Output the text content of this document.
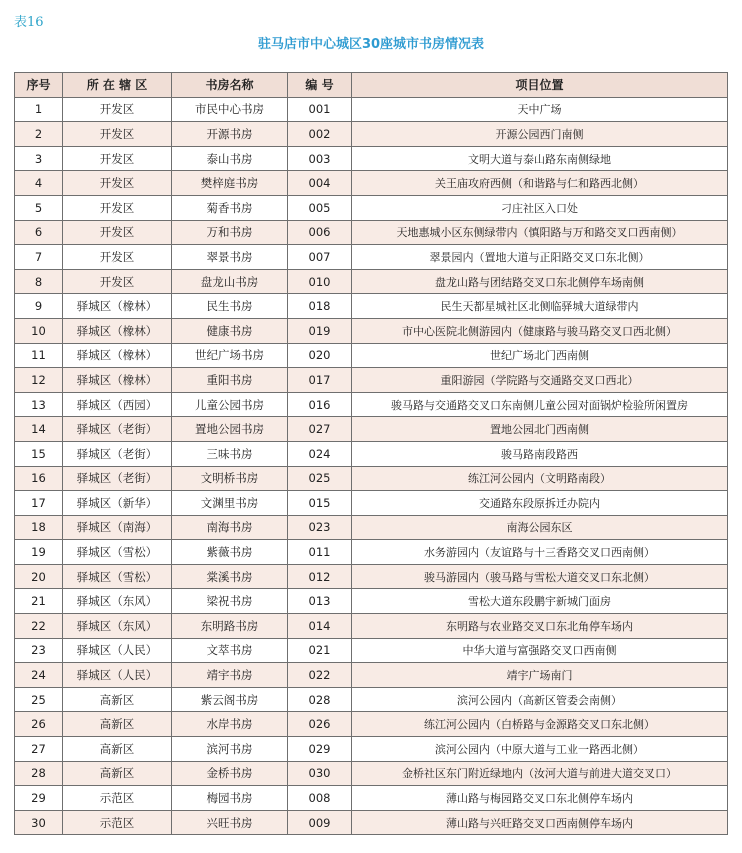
表16
驻马店市中心城区30座城市书房情况表
序号	所 在 辖 区	书房名称	编 号	项目位置
1	开发区	市民中心书房	001	天中广场
2	开发区	开源书房	002	开源公园西门南侧
3	开发区	泰山书房	003	文明大道与泰山路东南侧绿地
4	开发区	樊梓庭书房	004	关王庙攻府西侧（和谐路与仁和路西北侧）
5	开发区	菊香书房	005	刁庄社区入口处
6	开发区	万和书房	006	天地惠城小区东侧绿带内（慎阳路与万和路交叉口西南侧）
7	开发区	翠景书房	007	翠景园内（置地大道与正阳路交叉口东北侧）
8	开发区	盘龙山书房	010	盘龙山路与团结路交叉口东北侧停车场南侧
9	驿城区（橡林）	民生书房	018	民生天都星城社区北侧临驿城大道绿带内
10	驿城区（橡林）	健康书房	019	市中心医院北侧游园内（健康路与骏马路交叉口西北侧）
11	驿城区（橡林）	世纪广场书房	020	世纪广场北门西南侧
12	驿城区（橡林）	重阳书房	017	重阳游园（学院路与交通路交叉口西北）
13	驿城区（西园）	儿童公园书房	016	骏马路与交通路交叉口东南侧儿童公园对面锅炉检验所闲置房
14	驿城区（老街）	置地公园书房	027	置地公园北门西南侧
15	驿城区（老街）	三味书房	024	骏马路南段路西
16	驿城区（老街）	文明桥书房	025	练江河公园内（文明路南段）
17	驿城区（新华）	文渊里书房	015	交通路东段原拆迁办院内
18	驿城区（南海）	南海书房	023	南海公园东区
19	驿城区（雪松）	紫薇书房	011	水务游园内（友谊路与十三香路交叉口西南侧）
20	驿城区（雪松）	棠溪书房	012	骏马游园内（骏马路与雪松大道交叉口东北侧）
21	驿城区（东风）	梁祝书房	013	雪松大道东段鹏宇新城门面房
22	驿城区（东风）	东明路书房	014	东明路与农业路交叉口东北角停车场内
23	驿城区（人民）	文萃书房	021	中华大道与富强路交叉口西南侧
24	驿城区（人民）	靖宇书房	022	靖宇广场南门
25	高新区	紫云阁书房	028	滨河公园内（高新区管委会南侧）
26	高新区	水岸书房	026	练江河公园内（白桥路与金源路交叉口东北侧）
27	高新区	滨河书房	029	滨河公园内（中原大道与工业一路西北侧）
28	高新区	金桥书房	030	金桥社区东门附近绿地内（汝河大道与前进大道交叉口）
29	示范区	梅园书房	008	薄山路与梅园路交叉口东北侧停车场内
30	示范区	兴旺书房	009	薄山路与兴旺路交叉口西南侧停车场内
